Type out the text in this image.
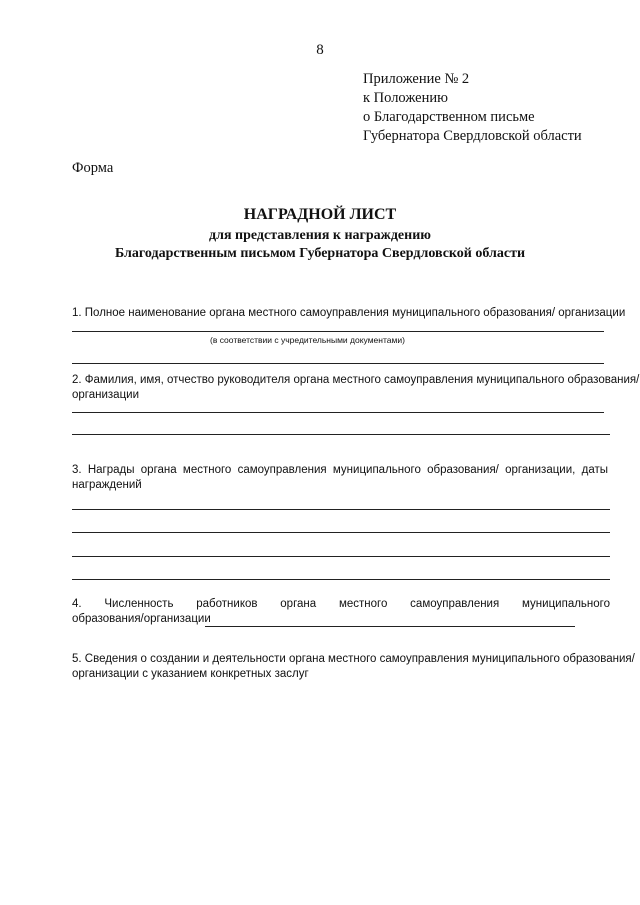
8
Приложение № 2
к Положению
о Благодарственном письме
Губернатора Свердловской области
Форма
НАГРАДНОЙ ЛИСТ
для представления к награждению
Благодарственным письмом Губернатора Свердловской области
1. Полное наименование органа местного самоуправления муниципального образования/ организации
(в соответствии с учредительными документами)
2. Фамилия, имя, отчество руководителя органа местного самоуправления муниципального образования/
организации
3. Награды органа местного самоуправления муниципального образования/ организации, даты
награждений
4. Численность работников органа местного самоуправления муниципального
образования/организации
5. Сведения о создании и деятельности органа местного самоуправления муниципального образования/
организации с указанием конкретных заслуг
